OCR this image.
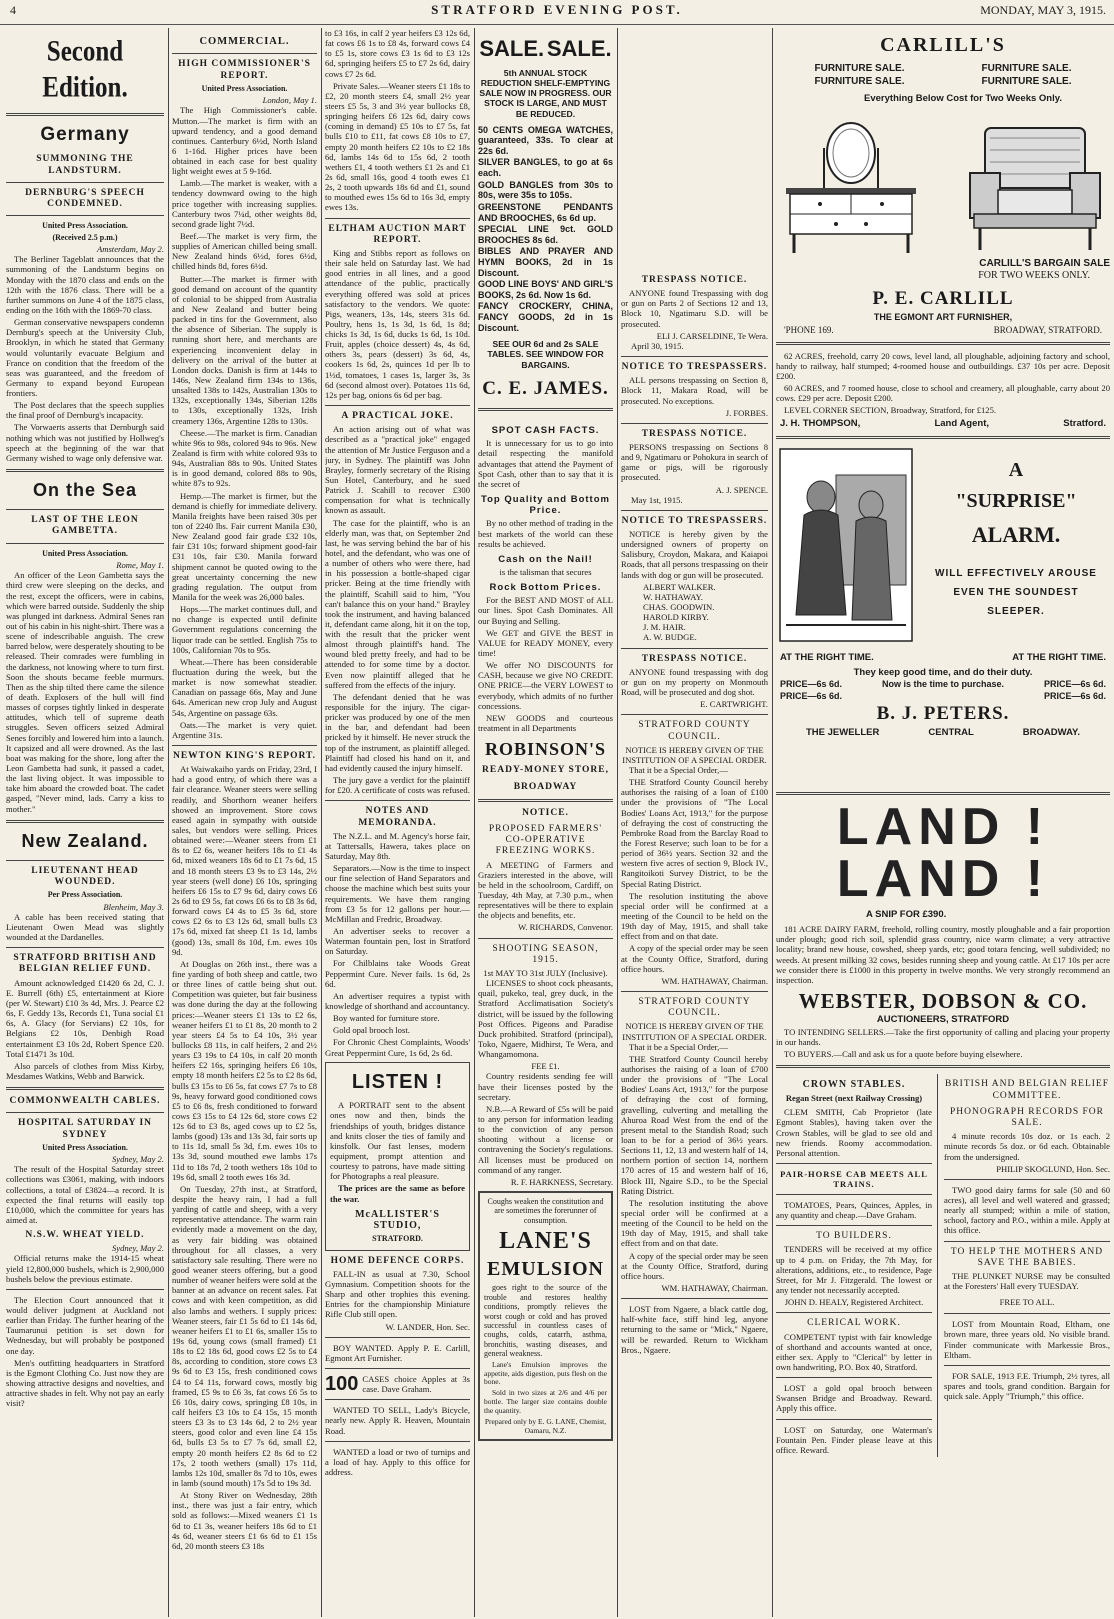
4	STRATFORD EVENING POST.	MONDAY, MAY 3, 1915.
Second Edition.
Germany
SUMMONING THE LANDSTURM.
DERNBURG'S SPEECH CONDEMNED.
United Press Association.
(Received 2.5 p.m.)
Amsterdam, May 2.

The Berliner Tageblatt announces that the summoning of the Landsturm begins on Monday with the 1870 class and ends on the 12th with the 1876 class. There will be a further summons on June 4 of the 1875 class, ending on the 16th with the 1869-70 class.

German conservative newspapers condemn Dernburg's speech at the University Club, Brooklyn, in which he stated that Germany would voluntarily evacuate Belgium and France on condition that the freedom of the seas was guaranteed, and the freedom of Germany to expand beyond European frontiers.

The Post declares that the speech supplies the final proof of Dernburg's incapacity.

The Vorwaerts asserts that Dernburgh said nothing which was not justified by Hollweg's speech at the beginning of the war that Germany wished to wage only defensive war.

On the Sea
LAST OF THE LEON GAMBETTA.
United Press Association.
Rome, May 1.

An officer of the Leon Gambetta says the third crew were sleeping on the decks, and the rest, except the officers, were in cabins, which were barred outside. Suddenly the ship was plunged int darkness. Admiral Senes ran out of his cabin in his night-shirt. There was a scene of indescribable anguish. The crew barred below, were desperately shouting to be released. Their comrades were fumbling in the darkness, not knowing where to turn first. Soon the shouts became feeble murmurs. Then as the ship tilted there came the silence of death. Explosers of the hull will find masses of corpses tightly linked in desperate attitudes, which tell of supreme death struggles. Seven officers seized Admiral Senes forcibly and lowered him into a launch. It capsized and all were drowned. As the last boat was making for the shore, long after the Leon Gambetta had sunk, it passed a cadet, the last living object. It was impossible to take him aboard the crowded boat. The cadet gasped, "Never mind, lads. Carry a kiss to mother."

New Zealand.
LIEUTENANT HEAD WOUNDED.
Per Press Association.
Blenheim, May 3.

A cable has been received stating that Lieutenant Owen Mead was slightly wounded at the Dardanelles.

STRATFORD BRITISH AND BELGIAN RELIEF FUND.

Amount acknowledged £1420 6s 2d, C. J. E. Burrell (6th) £5, entertainment at Kiore (per W. Stewart) £10 3s 4d, Mrs. J. Pearce £2 6s, F. Geddy 13s, Records £1, Tuna social £1 6s, A. Glacy (for Servians) £2 10s, for Belgians £2 10s, Denbigh Road entertainment £3 10s 2d, Robert Spence £20. Total £1471 3s 10d.

Also parcels of clothes from Miss Kirby, Mesdames Watkins, Webb and Barwick.

COMMONWEALTH CABLES.
HOSPITAL SATURDAY IN SYDNEY
United Press Association.
Sydney, May 2.

The result of the Hospital Saturday street collections was £3061, making, with indoors collections, a total of £3824—a record. It is expected the final returns will easily top £10,000, which the committee for years has aimed at.

N.S.W. WHEAT YIELD.
Sydney, May 2.

Official returns make the 1914-15 wheat yield 12,800,000 bushels, which is 2,900,000 bushels below the previous estimate.

The Election Court announced that it would deliver judgment at Auckland not earlier than Friday. The further hearing of the Taumarunui petition is set down for Wednesday, but will probably be postponed one day.

Men's outfitting headquarters in Stratford is the Egmont Clothing Co. Just now they are showing attractive designs and novelties, and attractive shades in felt. Why not pay an early visit?

COMMERCIAL.
HIGH COMMISSIONER'S REPORT.
United Press Association.
London, May 1.

The High Commissioner's cable. Mutton.—The market is firm with an upward tendency, and a good demand continues. Canterbury 6½d, North Island 6 1-16d. Higher prices have been obtained in each case for best quality light weight ewes at 5 9-16d.

Lamb.—The market is weaker, with a tendency downward owing to the high price together with increasing supplies. Canterbury twos 7¼d, other weights 8d, second grade light 7½d.

Beef.—The market is very firm, the supplies of American chilled being small. New Zealand hinds 6½d, fores 6½d, chilled hinds 8d, fores 6½d.

Butter.—The market is firmer with good demand on account of the quantity of colonial to be shipped from Australia and New Zealand and butter being packed in tins for the Government, also the absence of Siberian. The supply is running short here, and merchants are experiencing inconvenient delay in delivery on the arrival of the butter at London docks. Danish is firm at 144s to 146s, New Zealand firm 134s to 136s, unsalted 138s to 142s, Australian 130s to 132s, exceptionally 134s, Siberian 128s to 130s, exceptionally 132s, Irish creamery 136s, Argentine 128s to 130s.

Cheese.—The market is firm. Canadian white 96s to 98s, colored 94s to 96s. New Zealand is firm with white colored 93s to 94s, Australian 88s to 90s. United States is in good demand, colored 88s to 90s, white 87s to 92s.

Hemp.—The market is firmer, but the demand is chiefly for immediate delivery. Manila freights have been raised 30s per ton of 2240 lbs. Fair current Manila £30, New Zealand good fair grade £32 10s, fair £31 10s; forward shipment good-fair £31 10s, fair £30. Manila forward shipment cannot be quoted owing to the great uncertainty concerning the new grading regulation. The output from Manila for the week was 26,000 bales.

Hops.—The market continues dull, and no change is expected until definite Government regulations concerning the liquor trade can be settled. English 75s to 100s, Californian 70s to 95s.

Wheat.—There has been considerable fluctuation during the week, but the market is now somewhat steadier. Canadian on passage 66s, May and June 64s. American new crop July and August 54s, Argentine on passage 63s.

Oats.—The market is very quiet. Argentine 31s.

NEWTON KING'S REPORT.

At Waiwakaiho yards on Friday, 23rd, I had a good entry, of which there was a fair clearance. Weaner steers were selling readily, and Shorthorn weaner heifers showed an improvement. Store cows eased again in sympathy with outside sales, but vendors were selling. Prices obtained were:—Weaner steers from £1 8s to £2 6s, weaner heifers 18s to £1 4s 6d, mixed weaners 18s 6d to £1 7s 6d, 15 and 18 month steers £3 9s to £3 14s, 2½ year steers (well done) £6 10s, springing heifers £6 15s to £7 9s 6d, dairy cows £6 2s 6d to £9 5s, fat cows £6 6s to £8 3s 6d, forward cows £4 4s to £5 3s 6d, store cows £2 6s to £3 12s 6d, small bulls £3 17s 6d, mixed fat sheep £1 1s 1d, lambs (good) 13s, small 8s 10d, f.m. ewes 10s 9d.

At Douglas on 26th inst., there was a fine yarding of both sheep and cattle, two or three lines of cattle being shut out. Competition was quieter, but fair business was done during the day at the following prices:—Weaner steers £1 13s to £2 6s, weaner heifers £1 to £1 8s, 20 month to 2 year steers £4 5s to £4 10s, 3½ year bullocks £8 11s, in calf heifers, 2 and 2½ years £3 19s to £4 10s, in calf 20 month heifers £2 16s, springing heifers £6 10s, empty 18 month heifers £2 5s to £2 8s 6d, bulls £3 15s to £6 5s, fat cows £7 7s to £8 9s, heavy forward good conditioned cows £5 to £6 8s, fresh conditioned to forward cows £3 15s to £4 12s 6d, store cows £2 12s 6d to £3 8s, aged cows up to £2 5s, lambs (good) 13s and 13s 3d, fair sorts up to 11s 1d, small 5s 3d, f.m. ewes 10s to 13s 3d, sound mouthed ewe lambs 17s 11d to 18s 7d, 2 tooth wethers 18s 10d to 19s 6d, small 2 tooth ewes 16s 3d.

On Tuesday, 27th inst., at Stratford, despite the heavy rain, I had a full yarding of cattle and sheep, with a very representative attendance. The warm rain evidently made a movement on the day, as very fair bidding was obtained throughout for all classes, a very satisfactory sale resulting. There were no good weaner steers offering, but a good number of weaner heifers were sold at the banner at an advance on recent sales. Fat cows and with keen competition, as did also lambs and wethers. I supply prices: Weaner steers, fair £1 5s 6d to £1 14s 6d, weaner heifers £1 to £1 6s, smaller 15s to 19s 6d, young cows (small framed) £1 18s to £2 18s 6d, good cows £2 5s to £4 8s, according to condition, store cows £3 9s 6d to £3 15s, fresh conditioned cows £4 to £4 11s, forward cows, mostly big framed, £5 9s to £6 3s, fat cows £6 5s to £6 10s, dairy cows, springing £8 10s, in calf heifers £3 10s to £4 15s, 15 month steers £3 3s to £3 14s 6d, 2 to 2½ year steers, good color and even line £4 15s 6d, bulls £3 5s to £7 7s 6d, small £2, empty 20 month heifers £2 8s 6d to £2 17s, 2 tooth wethers (small) 17s 11d, lambs 12s 10d, smaller 8s 7d to 10s, ewes in lamb (sound mouth) 17s 5d to 19s 3d.

At Stony River on Wednesday, 28th inst., there was just a fair entry, which sold as follows:—Mixed weaners £1 1s 6d to £1 3s, weaner heifers 18s 6d to £1 4s 6d, weaner steers £1 6s 6d to £1 15s 6d, 20 month steers £3 18s

to £3 16s, in calf 2 year heifers £3 12s 6d, fat cows £6 1s to £8 4s, forward cows £4 to £5 1s, store cows £3 1s 6d to £3 12s 6d, springing heifers £5 to £7 2s 6d, dairy cows £7 2s 6d.

Private Sales.—Weaner steers £1 18s to £2, 20 month steers £4, small 2½ year steers £5 5s, 3 and 3½ year bullocks £8, springing heifers £6 12s 6d, dairy cows (coming in demand) £5 10s to £7 5s, fat bulls £10 to £11, fat cows £8 10s to £7, empty 20 month heifers £2 10s to £2 18s 6d, lambs 14s 6d to 15s 6d, 2 tooth wethers £1, 4 tooth wethers £1 2s and £1 2s 6d, small 16s, good 4 tooth ewes £1 2s, 2 tooth upwards 18s 6d and £1, sound to mouthed ewes 15s 6d to 16s 3d, empty ewes 13s.

ELTHAM AUCTION MART REPORT.

King and Stibbs report as follows on their sale held on Saturday last. We had good entries in all lines, and a good attendance of the public, practically everything offered was sold at prices satisfactory to the vendors. We quote: Pigs, weaners, 13s, 14s, steers 31s 6d. Poultry, hens 1s, 1s 3d, 1s 6d, 1s 8d; chicks 1s 3d, 1s 6d, ducks 1s 6d, 1s 10d. Fruit, apples (choice dessert) 4s, 4s 6d, others 3s, pears (dessert) 3s 6d, 4s, cookers 1s 6d, 2s, quinces 1d per lb to 1½d, tomatoes, 1 cases 1s, larger 3s, 3s 6d (second almost over). Potatoes 11s 6d, 12s per bag, onions 6s 6d per bag.

A PRACTICAL JOKE.

An action arising out of what was described as a "practical joke" engaged the attention of Mr Justice Ferguson and a jury, in Sydney. The plaintiff was John Brayley, formerly secretary of the Rising Sun Hotel, Canterbury, and he sued Patrick J. Scahill to recover £300 compensation for what is technically known as assault.

The case for the plaintiff, who is an elderly man, was that, on September 2nd last, he was serving behind the bar of his hotel, and the defendant, who was one of a number of others who were there, had in his possession a bottle-shaped cigar pricker. Being at the time friendly with the plaintiff, Scahill said to him, "You can't balance this on your hand." Brayley took the instrument, and having balanced it, defendant came along, hit it on the top, with the result that the pricker went almost through plaintiff's hand. The wound bled pretty freely, and had to be attended to for some time by a doctor. Even now plaintiff alleged that he suffered from the effects of the injury.

The defendant denied that he was responsible for the injury. The cigar-pricker was produced by one of the men in the bar, and defendant had been pricked by it himself. He never struck the top of the instrument, as plaintiff alleged. Plaintiff had closed his hand on it, and had evidently caused the injury himself.

The jury gave a verdict for the plaintiff for £20. A certificate of costs was refused.

NOTES AND MEMORANDA.

The N.Z.L. and M. Agency's horse fair, at Tattersalls, Hawera, takes place on Saturday, May 8th.

Separators.—Now is the time to inspect our fine selection of Hand Separators and choose the machine which best suits your requirements. We have them ranging from £3 5s for 12 gallons per hour.—McMillan and Fredric, Broadway.

An advertiser seeks to recover a Waterman fountain pen, lost in Stratford on Saturday.

For Chilblains take Woods Great Peppermint Cure. Never fails. 1s 6d, 2s 6d.

An advertiser requires a typist with knowledge of shorthand and accountancy.

Boy wanted for furniture store.

Gold opal brooch lost.

For Chronic Chest Complaints, Woods' Great Peppermint Cure, 1s 6d, 2s 6d.

LISTEN !

A PORTRAIT sent to the absent ones now and then, binds the friendships of youth, bridges distance and knits closer the ties of family and kinsfolk. Our fast lenses, modern equipment, prompt attention and courtesy to patrons, have made sitting for Photographs a real pleasure.

The prices are the same as before the war.

McALLISTER'S STUDIO,
STRATFORD.
HOME DEFENCE CORPS.

FALL-IN as usual at 7.30, School Gymnasium. Competition shoots for the Sharp and other trophies this evening. Entries for the championship Miniature Rifle Club still open.

W. LANDER, Hon. Sec.

BOY WANTED. Apply P. E. Carlill, Egmont Art Furnisher.

100 CASES choice Apples at 3s case. Dave Graham.

WANTED TO SELL, Lady's Bicycle, nearly new. Apply R. Heaven, Mountain Road.

WANTED a load or two of turnips and a load of hay. Apply to this office for address.

SALE. SALE.
5th ANNUAL STOCK REDUCTION SHELF-EMPTYING SALE NOW IN PROGRESS. OUR STOCK IS LARGE, AND MUST BE REDUCED.
50 CENTS OMEGA WATCHES, guaranteed, 33s. To clear at 22s 6d.
SILVER BANGLES, to go at 6s each.
GOLD BANGLES from 30s to 80s, were 35s to 105s.
GREENSTONE PENDANTS AND BROOCHES, 6s 6d up.
SPECIAL LINE 9ct. GOLD BROOCHES 8s 6d.
BIBLES AND PRAYER AND HYMN BOOKS, 2d in 1s Discount.
GOOD LINE BOYS' AND GIRL'S BOOKS, 2s 6d. Now 1s 6d.
FANCY CROCKERY, CHINA, FANCY GOODS, 2d in 1s Discount.
SEE OUR 6d and 2s SALE TABLES. SEE WINDOW FOR BARGAINS.
C. E. JAMES.
SPOT CASH FACTS.

It is unnecessary for us to go into detail respecting the manifold advantages that attend the Payment of Spot Cash, other than to say that it is the secret of

Top Quality and Bottom Price.

By no other method of trading in the best markets of the world can these results be achieved.

Cash on the Nail!
is the talisman that secures
Rock Bottom Prices.

For the BEST AND MOST of ALL our lines. Spot Cash Dominates. All our Buying and Selling.

We GET and GIVE the BEST in VALUE for READY MONEY, every time!

We offer NO DISCOUNTS for CASH, because we give NO CREDIT. ONE PRICE—the VERY LOWEST to everybody, which admits of no further concessions.

NEW GOODS and courteous treatment in all Departments

ROBINSON'S
READY-MONEY STORE,
BROADWAY
NOTICE.
PROPOSED FARMERS' CO-OPERATIVE FREEZING WORKS.

A MEETING of Farmers and Graziers interested in the above, will be held in the schoolroom, Cardiff, on Tuesday, 4th May, at 7.30 p.m., when representatives will be there to explain the objects and benefits, etc.

W. RICHARDS, Convenor.
SHOOTING SEASON, 1915.
1st MAY TO 31st JULY (Inclusive).

LICENSES to shoot cock pheasants, quail, pukeko, teal, grey duck, in the Stratford Acclimatisation Society's district, will be issued by the following Post Offices. Pigeons and Paradise Duck prohibited. Stratford (principal), Toko, Ngaere, Midhirst, Te Wera, and Whangamomona.

FEE £1.

Country residents sending fee will have their licenses posted by the secretary.

N.B.—A Reward of £5s will be paid to any person for information leading to the conviction of any person shooting without a license or contravening the Society's regulations. All licenses must be produced on command of any ranger.

R. F. HARKNESS, Secretary.
Coughs weaken the constitution and are sometimes the forerunner of consumption.
LANE'S
EMULSION

goes right to the source of the trouble and restores healthy conditions, promptly relieves the worst cough or cold and has proved successful in countless cases of coughs, colds, catarrh, asthma, bronchitis, wasting diseases, and general weakness.

Lane's Emulsion improves the appetite, aids digestion, puts flesh on the bone.

Sold in two sizes at 2/6 and 4/6 per bottle. The larger size contains double the quantity.

Prepared only by E. G. LANE, Chemist, Oamaru, N.Z.
TRESPASS NOTICE.

ANYONE found Trespassing with dog or gun on Parts 2 of Sections 12 and 13, Block 10, Ngatimaru S.D. will be prosecuted.

ELI J. CARSELDINE, Te Wera.
April 30, 1915.
NOTICE TO TRESPASSERS.

ALL persons trespassing on Section 8, Block 11, Makara Road, will be prosecuted. No exceptions.

J. FORBES.
TRESPASS NOTICE.

PERSONS trespassing on Sections 8 and 9, Ngatimaru or Pohokura in search of game or pigs, will be rigorously prosecuted.

A. J. SPENCE.
May 1st, 1915.
NOTICE TO TRESPASSERS.

NOTICE is hereby given by the undersigned owners of property on Salisbury, Croydon, Makara, and Kaiapoi Roads, that all persons trespassing on their lands with dog or gun will be prosecuted.

ALBERT WALKER.
W. HATHAWAY.
CHAS. GOODWIN.
HAROLD KIRBY.
J. M. HAIR.
A. W. BUDGE.
TRESPASS NOTICE.

ANYONE found trespassing with dog or gun on my property on Monmouth Road, will be prosecuted and dog shot.

E. CARTWRIGHT.
STRATFORD COUNTY COUNCIL.
NOTICE IS HEREBY GIVEN OF THE INSTITUTION OF A SPECIAL ORDER.

That it be a Special Order,—

THE Stratford County Council hereby authorises the raising of a loan of £100 under the provisions of "The Local Bodies' Loans Act, 1913," for the purpose of defraying the cost of constructing the Pembroke Road from the Barclay Road to the Forest Reserve; such loan to be for a period of 36½ years. Section 32 and the western five acres of section 9, Block IV., Rangitoikoti Survey District, to be the Special Rating District.

The resolution instituting the above special order will be confirmed at a meeting of the Council to be held on the 19th day of May, 1915, and shall take effect from and on that date.

A copy of the special order may be seen at the County Office, Stratford, during office hours.

WM. HATHAWAY, Chairman.
STRATFORD COUNTY COUNCIL.
NOTICE IS HEREBY GIVEN OF THE INSTITUTION OF A SPECIAL ORDER.

That it be a Special Order,—

THE Stratford County Council hereby authorises the raising of a loan of £700 under the provisions of "The Local Bodies' Loans Act, 1913," for the purpose of defraying the cost of forming, gravelling, culverting and metalling the Ahuroa Road West from the end of the present metal to the Standish Road; such loan to be for a period of 36½ years. Sections 11, 12, 13 and western half of 14, northern portion of section 14, northern 170 acres of 15 and western half of 16, Block III, Ngaire S.D., to be the Special Rating District.

The resolution instituting the above special order will be confirmed at a meeting of the Council to be held on the 19th day of May, 1915, and shall take effect from and on that date.

A copy of the special order may be seen at the County Office, Stratford, during office hours.

WM. HATHAWAY, Chairman.

LOST from Ngaere, a black cattle dog, half-white face, stiff hind leg, anyone returning to the same or "Mick," Ngaere, will be rewarded. Return to Wickham Bros., Ngaere.

CARLILL'S
FURNITURE SALE.	FURNITURE SALE.
FURNITURE SALE.	FURNITURE SALE.
Everything Below Cost for Two Weeks Only.
CARLILL'S BARGAIN SALE
FOR TWO WEEKS ONLY.
P. E. CARLILL
THE EGMONT ART FURNISHER,
'PHONE 169.	BROADWAY, STRATFORD.

62 ACRES, freehold, carry 20 cows, level land, all ploughable, adjoining factory and school, handy to railway, half stumped; 4-roomed house and outbuildings. £37 10s per acre. Deposit £200.

60 ACRES, and 7 roomed house, close to school and creamery, all ploughable, carry about 20 cows. £29 per acre. Deposit £200.

LEVEL CORNER SECTION, Broadway, Stratford, for £125.

J. H. THOMPSON,	Land Agent,	Stratford.
A
"SURPRISE"
ALARM.
WILL EFFECTIVELY AROUSE EVEN THE SOUNDEST SLEEPER.
AT THE RIGHT TIME.	AT THE RIGHT TIME.
They keep good time, and do their duty.
PRICE—6s 6d.	Now is the time to purchase.	PRICE—6s 6d.
PRICE—6s 6d.	PRICE—6s 6d.
B. J. PETERS.
THE JEWELLER	CENTRAL	BROADWAY.
LAND ! LAND !
A SNIP FOR £390.

181 ACRE DAIRY FARM, freehold, rolling country, mostly ploughable and a fair proportion under plough; good rich soil, splendid grass country, nice warm climate; a very attractive locality; brand new house, cowshed, sheep yards, etc; good totara fencing, well subdivided; no weeds. At present milking 32 cows, besides running sheep and young cattle. At £17 10s per acre we consider there is £1000 in this property in twelve months. We very strongly recommend an inspection.

WEBSTER, DOBSON & CO.
AUCTIONEERS, STRATFORD

TO INTENDING SELLERS.—Take the first opportunity of calling and placing your property in our hands.

TO BUYERS.—Call and ask us for a quote before buying elsewhere.

CROWN STABLES.
Regan Street (next Railway Crossing)

CLEM SMITH, Cab Proprietor (late Egmont Stables), having taken over the Crown Stables, will be glad to see old and new friends. Roomy accommodation. Personal attention.

PAIR-HORSE CAB MEETS ALL TRAINS.

TOMATOES, Pears, Quinces, Apples, in any quantity and cheap.—Dave Graham.

TO BUILDERS.

TENDERS will be received at my office up to 4 p.m. on Friday, the 7th May, for alterations, additions, etc., to residence, Page Street, for Mr J. Fitzgerald. The lowest or any tender not necessarily accepted.

JOHN D. HEALY, Registered Architect.
CLERICAL WORK.

COMPETENT typist with fair knowledge of shorthand and accounts wanted at once, either sex. Apply to "Clerical" by letter in own handwriting, P.O. Box 40, Stratford.

LOST a gold opal brooch between Swansen Bridge and Broadway. Reward. Apply this office.

LOST on Saturday, one Waterman's Fountain Pen. Finder please leave at this office. Reward.

BRITISH AND BELGIAN RELIEF COMMITTEE.
PHONOGRAPH RECORDS FOR SALE.

4 minute records 10s doz. or 1s each. 2 minute records 5s doz. or 6d each. Obtainable from the undersigned.

PHILIP SKOGLUND, Hon. Sec.

TWO good dairy farms for sale (50 and 60 acres), all level and well watered and grassed; nearly all stumped; within a mile of station, school, factory and P.O., within a mile. Apply at this office.

TO HELP THE MOTHERS AND SAVE THE BABIES.

THE PLUNKET NURSE may be consulted at the Foresters' Hall every TUESDAY.

FREE TO ALL.

LOST from Mountain Road, Eltham, one brown mare, three years old. No visible brand. Finder communicate with Markessie Bros., Eltham.

FOR SALE, 1913 F.E. Triumph, 2½ tyres, all spares and tools, grand condition. Bargain for quick sale. Apply "Triumph," this office.
